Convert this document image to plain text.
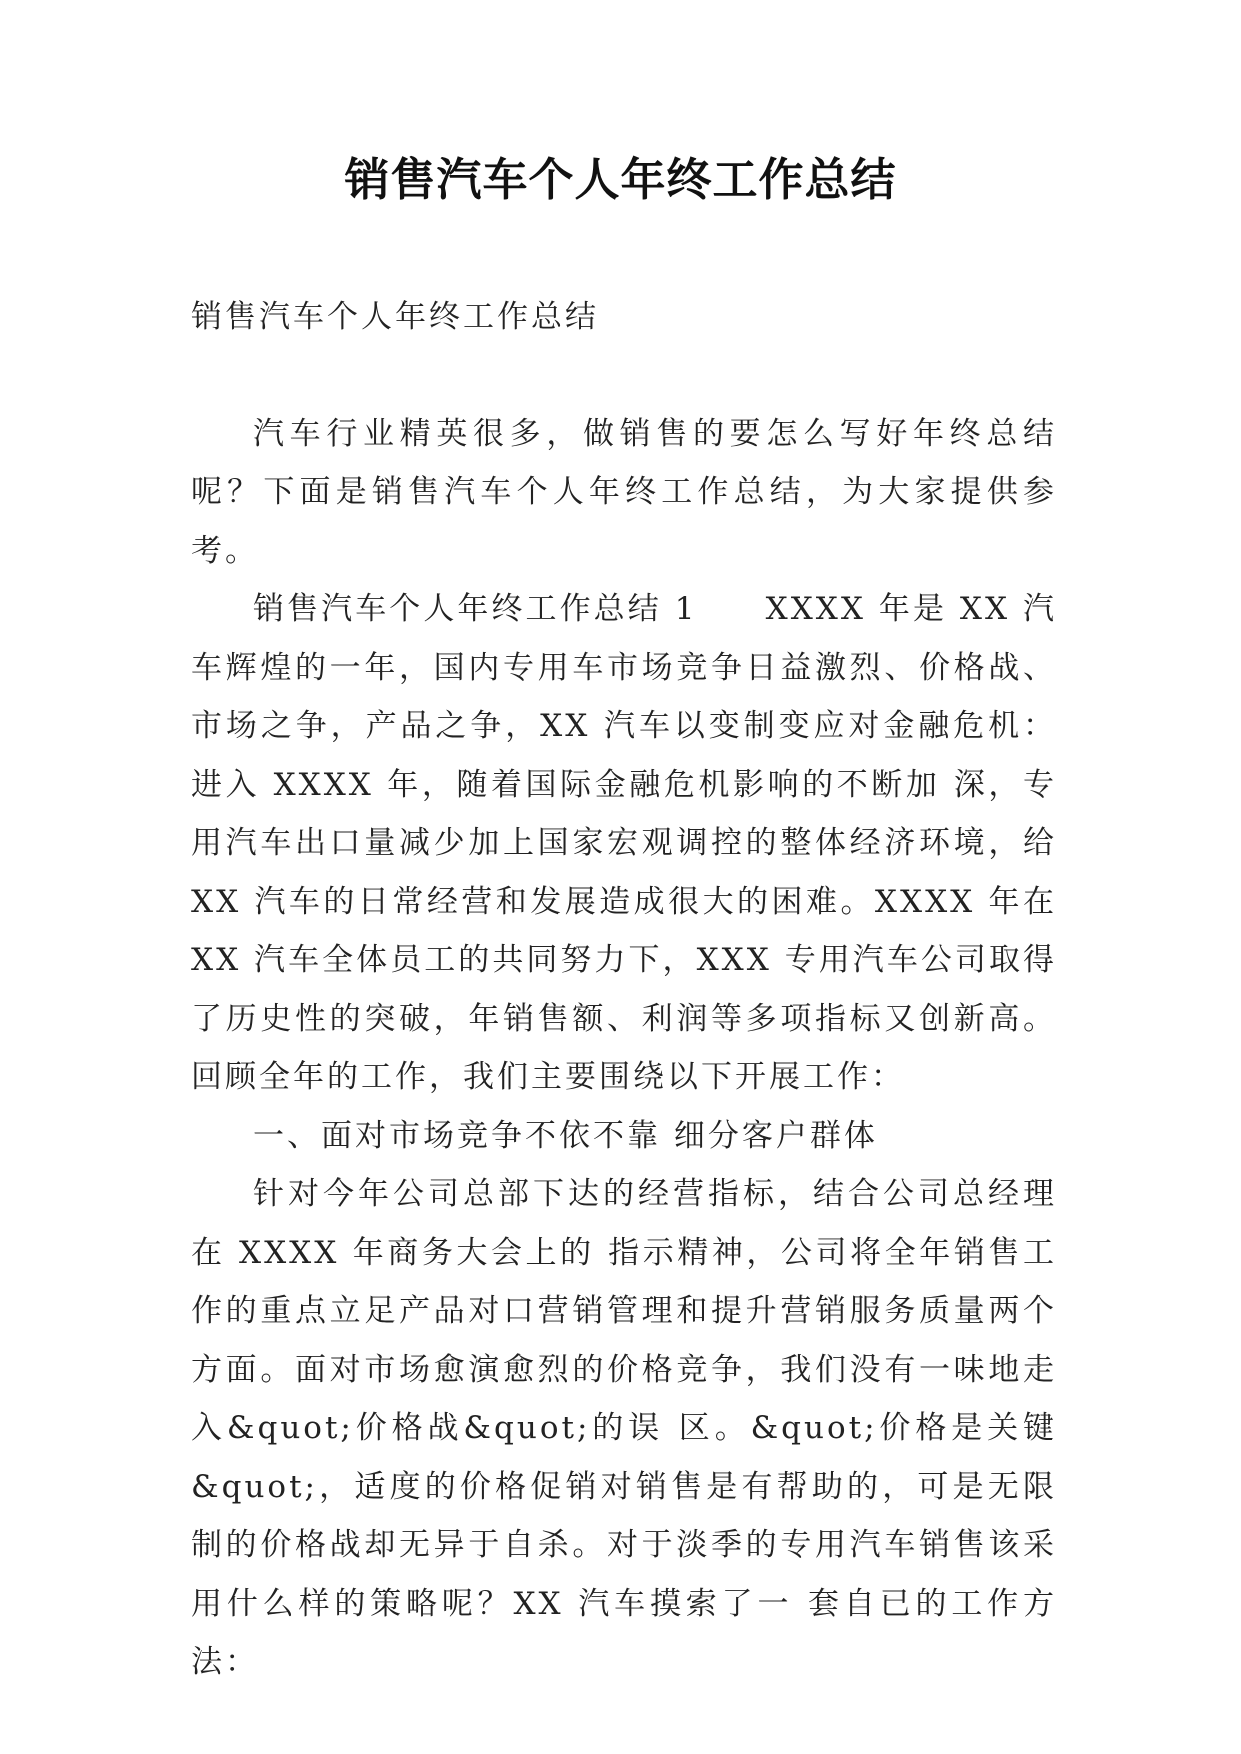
销售汽车个人年终工作总结

销售汽车个人年终工作总结

汽车行业精英很多，做销售的要怎么写好年终总结呢？下面是销售汽车个人年终工作总结，为大家提供参考。

销售汽车个人年终工作总结 1　　XXXX 年是 XX 汽车辉煌的一年，国内专用车市场竞争日益激烈、价格战、市场之争，产品之争，XX 汽车以变制变应对金融危机：进入 XXXX 年，随着国际金融危机影响的不断加 深，专用汽车出口量减少加上国家宏观调控的整体经济环境，给 XX 汽车的日常经营和发展造成很大的困难。XXXX 年在 XX 汽车全体员工的共同努力下，XXX 专用汽车公司取得了历史性的突破，年销售额、利润等多项指标又创新高。回顾全年的工作，我们主要围绕以下开展工作：

一、面对市场竞争不依不靠 细分客户群体

针对今年公司总部下达的经营指标，结合公司总经理在 XXXX 年商务大会上的 指示精神，公司将全年销售工作的重点立足产品对口营销管理和提升营销服务质量两个方面。面对市场愈演愈烈的价格竞争，我们没有一味地走入&quot;价格战&quot;的误 区。&quot;价格是关键&quot;，适度的价格促销对销售是有帮助的，可是无限制的价格战却无异于自杀。对于淡季的专用汽车销售该采用什么样的策略呢？XX 汽车摸索了一 套自已的工作方法：
